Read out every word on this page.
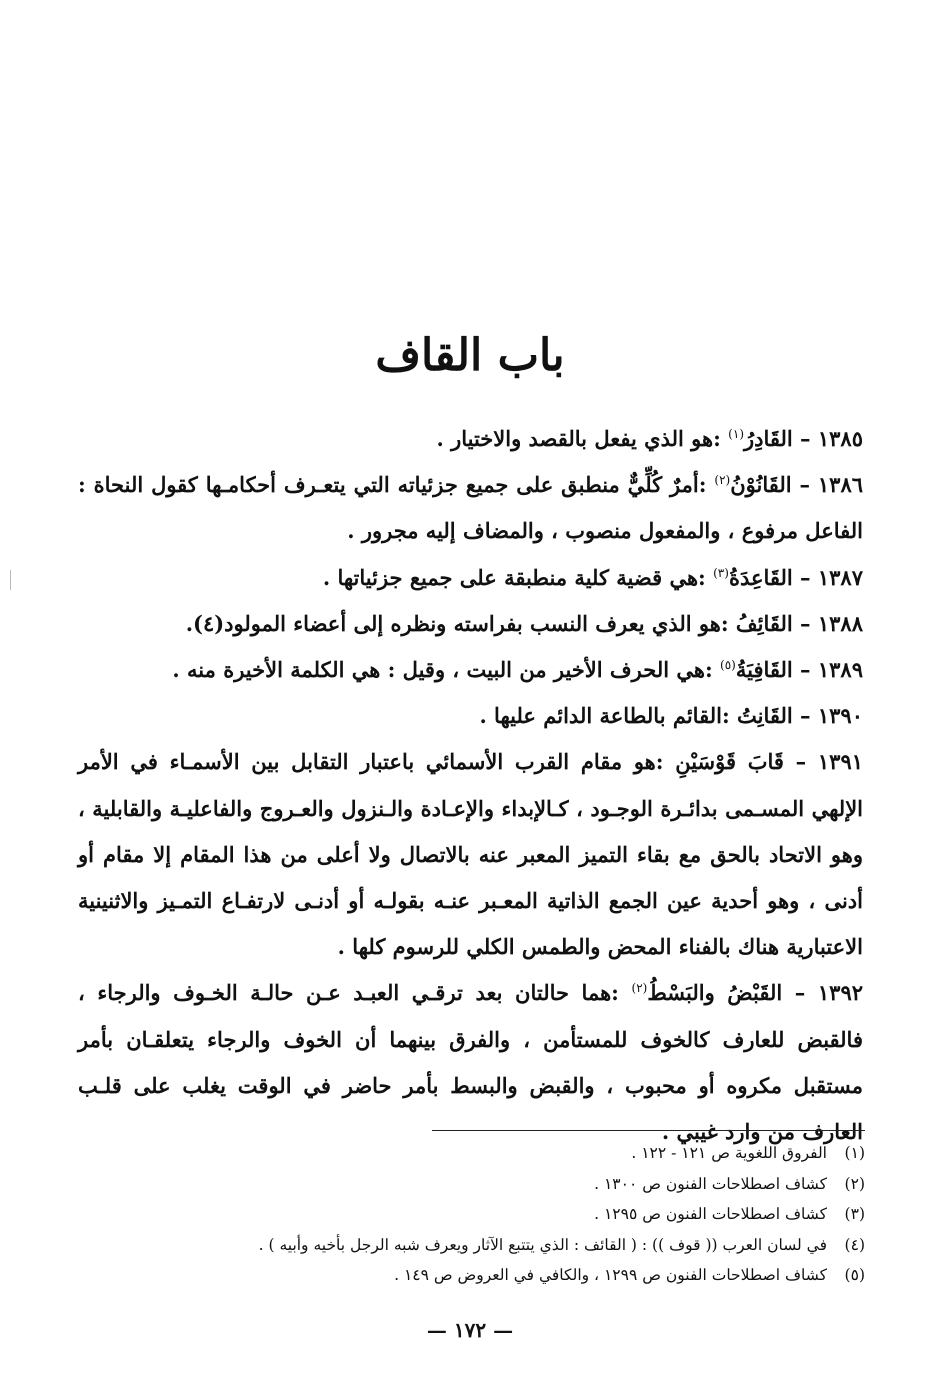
باب القاف

١٣٨٥ – القَادِرُ$^{(١)}$ :هو الذي يفعل بالقصد والاختيار .

١٣٨٦ – القَانُوْنُ$^{(٢)}$ :أمرٌ كُلِّيٌّ منطبق على جميع جزئياته التي يتعـرف أحكامـها كقول النحاة : الفاعل مرفوع ، والمفعول منصوب ، والمضاف إليه مجرور .

١٣٨٧ – القَاعِدَةُ$^{(٣)}$ :هي قضية كلية منطبقة على جميع جزئياتها .

١٣٨٨ – القَائِفُ :هو الذي يعرف النسب بفراسته ونظره إلى أعضاء المولود(٤).

١٣٨٩ – القَافِيَةُ$^{(٥)}$ :هي الحرف الأخير من البيت ، وقيل : هي الكلمة الأخيرة منه .

١٣٩٠ – القَانِتُ :القائم بالطاعة الدائم عليها .

١٣٩١ – قَابَ قَوْسَيْنِ :هو مقام القرب الأسمائي باعتبار التقابل بين الأسمـاء في الأمر الإلهي المسـمى بدائـرة الوجـود ، كـالإبداء والإعـادة والـنزول والعـروج والفاعليـة والقابلية ، وهو الاتحاد بالحق مع بقاء التميز المعبر عنه بالاتصال ولا أعلى من هذا المقام إلا مقام أو أدنى ، وهو أحدية عين الجمع الذاتية المعـبر عنـه بقولـه أو أدنـى لارتفـاع التمـيز والاثنينية الاعتبارية هناك بالفناء المحض والطمس الكلي للرسوم كلها .

١٣٩٢ – القَبْضُ والبَسْطُ$^{(٢)}$ :هما حالتان بعد ترقـي العبـد عـن حالـة الخـوف والرجاء ، فالقبض للعارف كالخوف للمستأمن ، والفرق بينهما أن الخوف والرجاء يتعلقـان بأمر مستقبل مكروه أو محبوب ، والقبض والبسط بأمر حاضر في الوقت يغلب على قلـب العارف من وارد غيبي .

(١)الفروق اللغوية ص ١٢١ - ١٢٢ .
(٢)كشاف اصطلاحات الفنون ص ١٣٠٠ .
(٣)كشاف اصطلاحات الفنون ص ١٢٩٥ .
(٤)في لسان العرب (( قوف )) : ( القائف : الذي يتتبع الآثار ويعرف شبه الرجل بأخيه وأبيه ) .
(٥)كشاف اصطلاحات الفنون ص ١٢٩٩ ، والكافي في العروض ص ١٤٩ .
— ١٧٢ —
